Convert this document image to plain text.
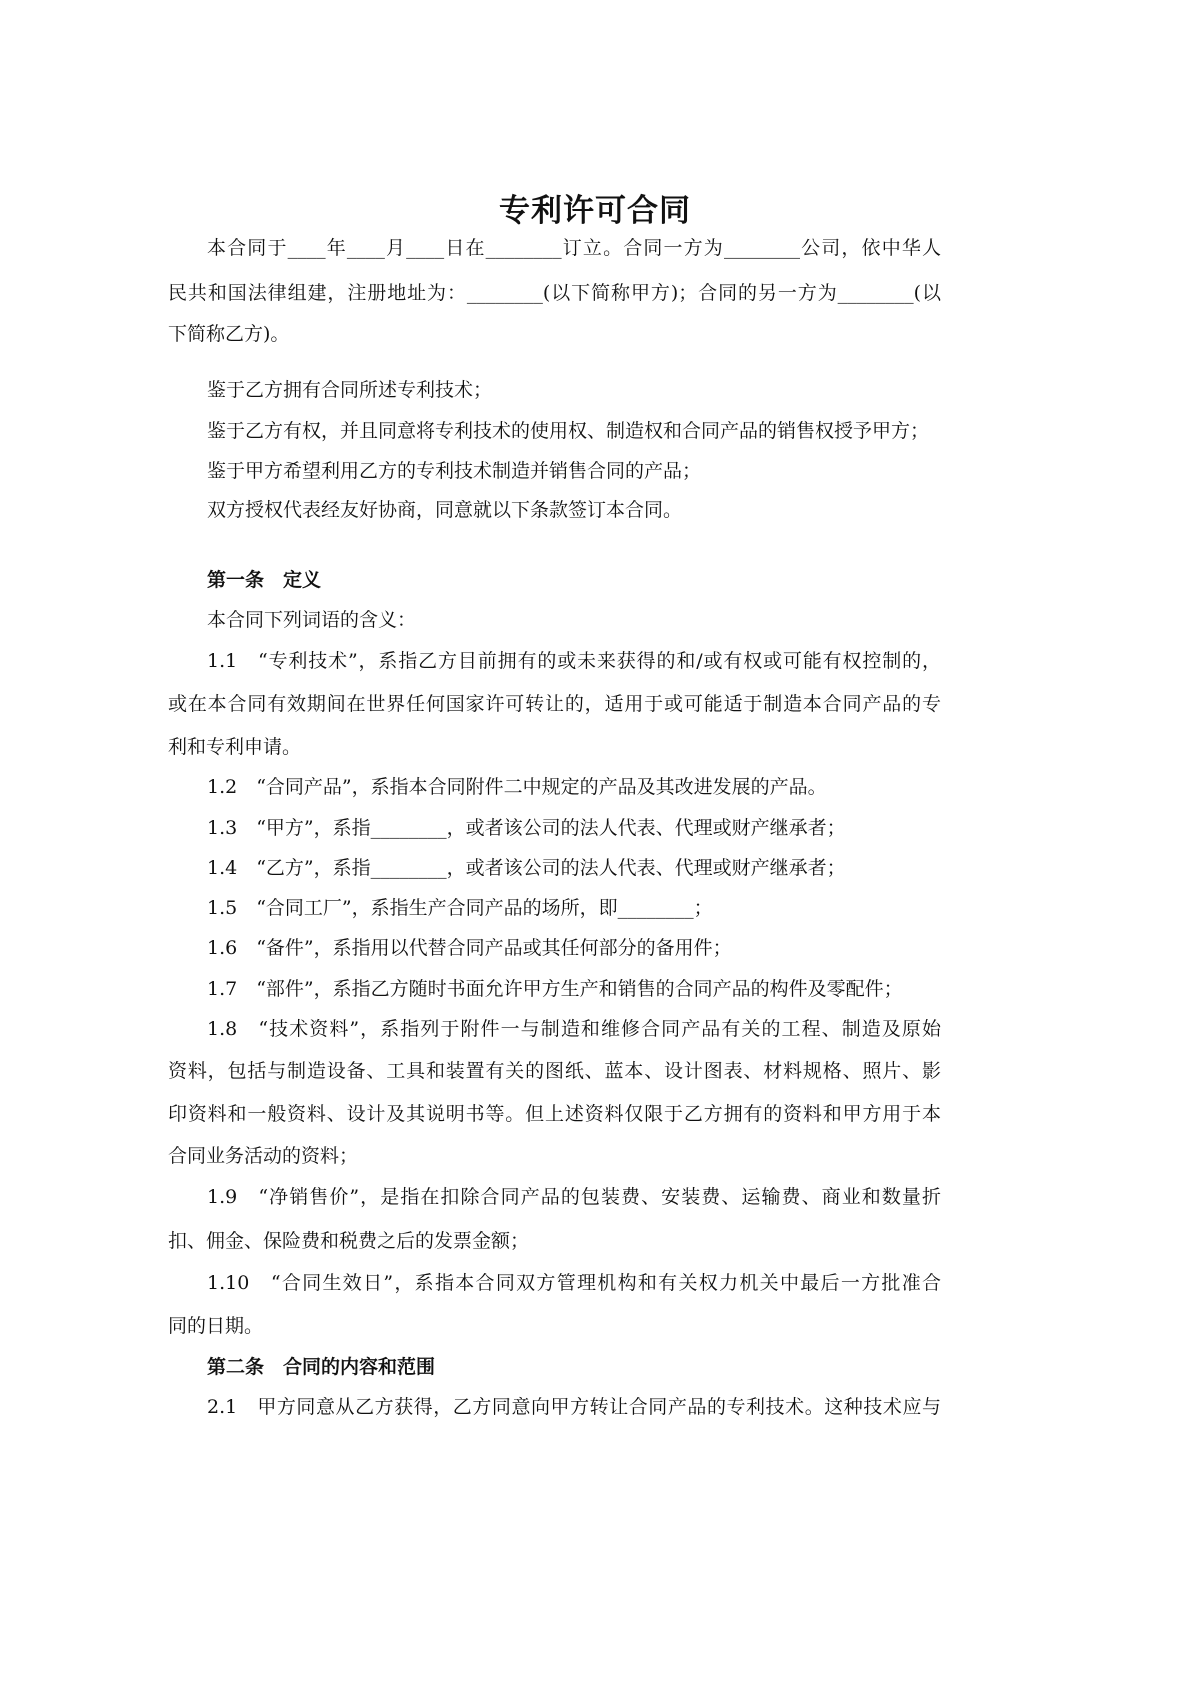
专利许可合同
本合同于____年____月____日在________订立。合同一方为________公司，依中华人
民共和国法律组建，注册地址为：________(以下简称甲方)；合同的另一方为________(以
下简称乙方)。
鉴于乙方拥有合同所述专利技术；
鉴于乙方有权，并且同意将专利技术的使用权、制造权和合同产品的销售权授予甲方；
鉴于甲方希望利用乙方的专利技术制造并销售合同的产品；
双方授权代表经友好协商，同意就以下条款签订本合同。
第一条　定义
本合同下列词语的含义：
1.1　“专利技术”，系指乙方目前拥有的或未来获得的和/或有权或可能有权控制的，
或在本合同有效期间在世界任何国家许可转让的，适用于或可能适于制造本合同产品的专
利和专利申请。
1.2　“合同产品”，系指本合同附件二中规定的产品及其改进发展的产品。
1.3　“甲方”，系指________，或者该公司的法人代表、代理或财产继承者；
1.4　“乙方”，系指________，或者该公司的法人代表、代理或财产继承者；
1.5　“合同工厂”，系指生产合同产品的场所，即________；
1.6　“备件”，系指用以代替合同产品或其任何部分的备用件；
1.7　“部件”，系指乙方随时书面允许甲方生产和销售的合同产品的构件及零配件；
1.8　“技术资料”，系指列于附件一与制造和维修合同产品有关的工程、制造及原始
资料，包括与制造设备、工具和装置有关的图纸、蓝本、设计图表、材料规格、照片、影
印资料和一般资料、设计及其说明书等。但上述资料仅限于乙方拥有的资料和甲方用于本
合同业务活动的资料；
1.9　“净销售价”，是指在扣除合同产品的包装费、安装费、运输费、商业和数量折
扣、佣金、保险费和税费之后的发票金额；
1.10　“合同生效日”，系指本合同双方管理机构和有关权力机关中最后一方批准合
同的日期。
第二条　合同的内容和范围
2.1　甲方同意从乙方获得，乙方同意向甲方转让合同产品的专利技术。这种技术应与
